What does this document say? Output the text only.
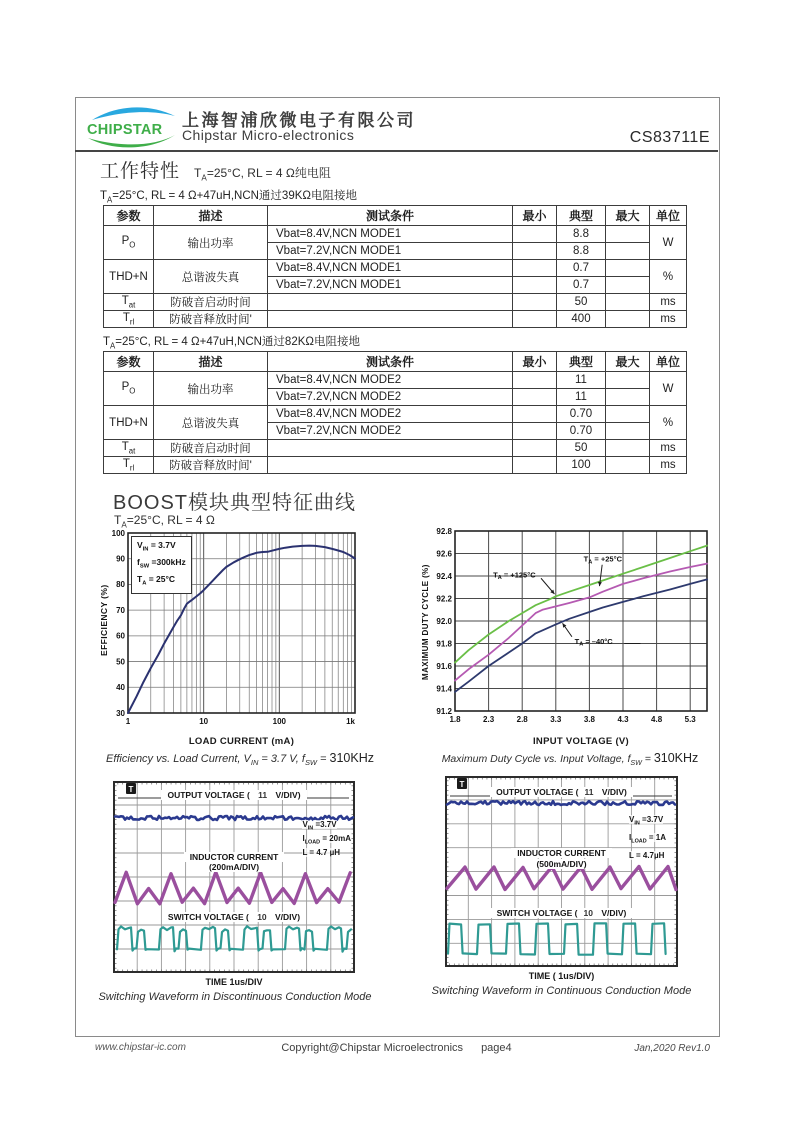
CHIPSTAR 上海智浦欣微电子有限公司
Chipstar Micro-electronics	CS83711E
工作特性 $T_A=25^\circ C$, RL = 4 Ω纯电阻
$T_A=25^\circ C$, RL = 4 Ω+47uH,NCN通过39KΩ电阻接地
参数	描述	测试条件	最小	典型	最大	单位
$P_O$	输出功率	Vbat=8.4V,NCN MODE1		8.8		W
		Vbat=7.2V,NCN MODE1		8.8		
THD+N	总谐波失真	Vbat=8.4V,NCN MODE1		0.7		%
		Vbat=7.2V,NCN MODE1		0.7		
$T_{at}$	防破音启动时间			50		ms
$T_{rl}$	防破音释放时间'			400		ms
$T_A=25^\circ C$, RL = 4 Ω+47uH,NCN通过82KΩ电阻接地
参数	描述	测试条件	最小	典型	最大	单位
$P_O$	输出功率	Vbat=8.4V,NCN MODE2		11		W
		Vbat=7.2V,NCN MODE2		11		
THD+N	总谐波失真	Vbat=8.4V,NCN MODE2		0.70		%
		Vbat=7.2V,NCN MODE2		0.70		
$T_{at}$	防破音启动时间			50		ms
$T_{rl}$	防破音释放时间'			100		ms
BOOST模块典型特征曲线
$T_A=25^\circ C$, RL = 4 Ω
EFFICIENCY (%)
30
40
50
60
70
80
90
100
1	10	100	1k
$V_{IN} = 3.7V$
$f_{SW} =300kHz$
$T_A = 25^\circ C$
LOAD CURRENT (mA)
Efficiency vs. Load Current, $V_{IN} = 3.7$ V, $f_{SW} = 310KHz$
MAXIMUM DUTY CYCLE (%)
91.2
91.4
91.6
91.8
92.0
92.2
92.4
92.6
92.8
1.8	2.3	2.8	3.3	3.8	4.3	4.8	5.3
$T_A = +125^\circ C$
$T_A = +25^\circ C$
$T_A = -40^\circ C$
INPUT VOLTAGE (V)
Maximum Duty Cycle vs. Input Voltage, $f_{SW} = 310KHz$
T
OUTPUT VOLTAGE ( 11 V/DIV)
$V_{IN} =3.7V$
$I_{LOAD} = 20mA$
L = 4.7 µH
INDUCTOR CURRENT
(200mA/DIV)
SWITCH VOLTAGE ( 10 V/DIV)
TIME 1us/DIV
Switching Waveform in Discontinuous Conduction Mode
T
OUTPUT VOLTAGE ( 11 V/DIV)
$V_{IN} =3.7V$
$I_{LOAD} = 1A$
L = 4.7µH
INDUCTOR CURRENT
(500mA/DIV)
SWITCH VOLTAGE ( 10 V/DIV)
TIME ( 1us/DIV)
Switching Waveform in Continuous Conduction Mode
www.chipstar-ic.com	Copyright@Chipstar Microelectronics page4	Jan,2020 Rev1.0
